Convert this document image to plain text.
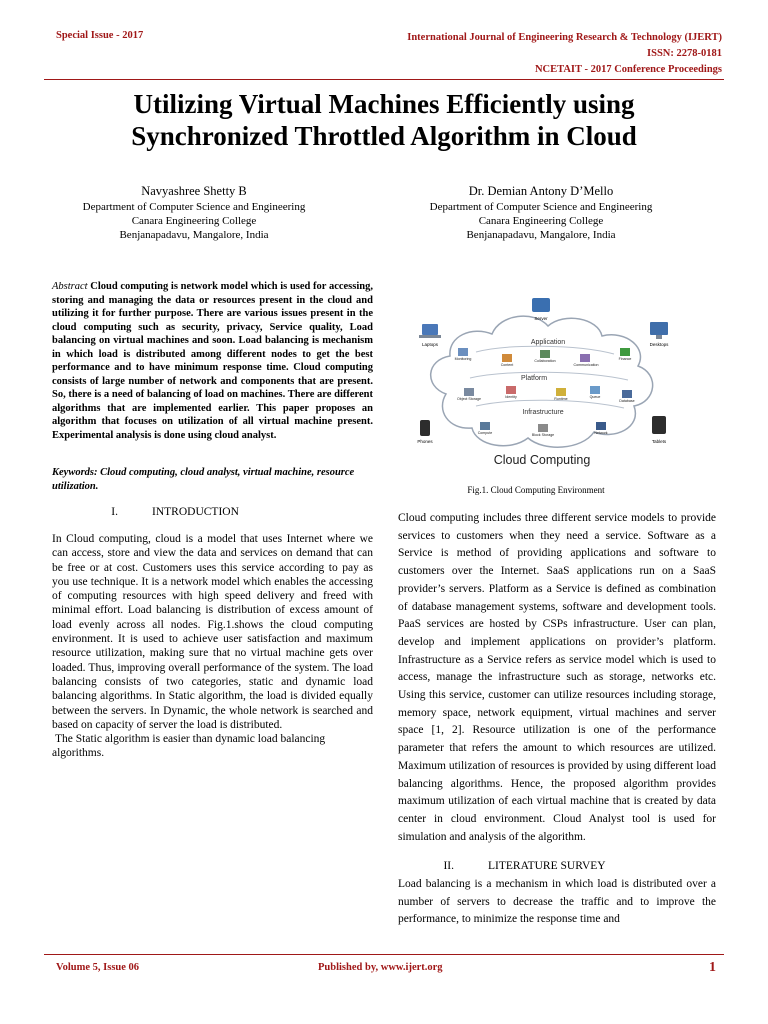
Special Issue - 2017	International Journal of Engineering Research & Technology (IJERT)
ISSN: 2278-0181
NCETAIT - 2017 Conference Proceedings
Utilizing Virtual Machines Efficiently using
Synchronized Throttled Algorithm in Cloud
Navyashree Shetty B
Department of Computer Science and Engineering
Canara Engineering College
Benjanapadavu, Mangalore, India
Dr. Demian Antony D’Mello
Department of Computer Science and Engineering
Canara Engineering College
Benjanapadavu, Mangalore, India
Abstract Cloud computing is network model which is used for accessing, storing and managing the data or resources present in the cloud and utilizing it for further purpose. There are various issues present in the cloud computing such as security, privacy, Service quality, Load balancing on virtual machines and soon. Load balancing is mechanism in which load is distributed among different nodes to get the best performance and to have minimum response time. Cloud computing consists of large number of network and components that are present. So, there is a need of balancing of load on machines. There are different algorithms that are implemented earlier. This paper proposes an algorithm that focuses on utilization of all virtual machine present. Experimental analysis is done using cloud analyst.
Keywords: Cloud computing, cloud analyst, virtual machine, resource utilization.
I.	INTRODUCTION

In Cloud computing, cloud is a model that uses Internet where we can access, store and view the data and services on demand that can be free or at cost. Customers uses this service according to pay as you use technique. It is a network model which enables the accessing of computing resources with high speed delivery and freed with minimal effort. Load balancing is distribution of excess amount of load evenly across all nodes. Fig.1.shows the cloud computing environment. It is used to achieve user satisfaction and maximum resource utilization, making sure that no virtual machine gets over loaded. Thus, improving overall performance of the system. The load balancing consists of two categories, static and dynamic load balancing algorithms. In Static algorithm, the load is divided equally between the servers. In Dynamic, the whole network is searched and based on capacity of server the load is distributed.

The Static algorithm is easier than dynamic load balancing algorithms.

Server
Laptops	Desktops
Phones	Tablets
Application
Platform
Infrastructure
Monitoring
Content
Collaboration
Communication
Finance
Object Storage	Identity	Runtime	Queue
Database
Compute	Block Storage	Network
Cloud Computing
Fig.1. Cloud Computing Environment
Cloud computing includes three different service models to provide services to customers when they need a service. Software as a Service is method of providing applications and software to customers over the Internet. SaaS applications run on a SaaS provider’s servers. Platform as a Service is defined as combination of database management systems, software and development tools. PaaS services are hosted by CSPs infrastructure. User can plan, develop and implement applications on provider’s platform. Infrastructure as a Service refers as service model which is used to access, manage the infrastructure such as storage, networks etc. Using this service, customer can utilize resources including storage, memory space, network equipment, virtual machines and server space [1, 2]. Resource utilization is one of the performance parameter that refers the amount to which resources are utilized. Maximum utilization of resources is provided by using different load balancing algorithms. Hence, the proposed algorithm provides maximum utilization of each virtual machine that is created by data center in cloud environment. Cloud Analyst tool is used for simulation and analysis of the algorithm.
II.	LITERATURE SURVEY
Load balancing is a mechanism in which load is distributed over a number of servers to decrease the traffic and to improve the performance, to minimize the response time and
Volume 5, Issue 06	Published by, www.ijert.org	1
